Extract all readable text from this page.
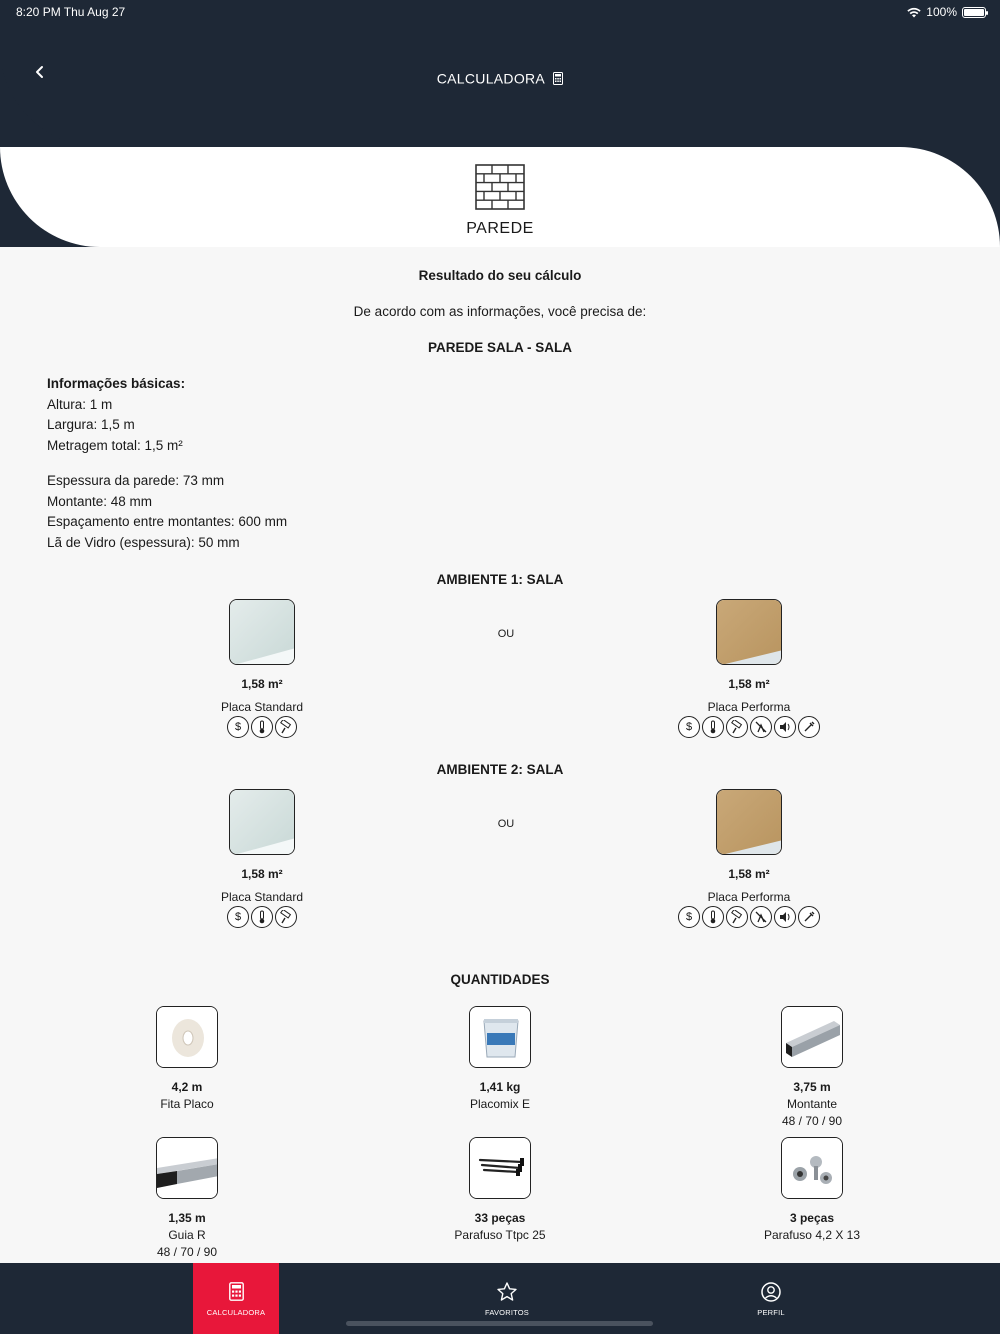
8:20 PM Thu Aug 27	100%
CALCULADORA
PAREDE
Resultado do seu cálculo
De acordo com as informações, você precisa de:
PAREDE SALA - SALA
Informações básicas:
Altura: 1 m
Largura: 1,5 m
Metragem total: 1,5 m²
Espessura da parede: 73 mm
Montante: 48 mm
Espaçamento entre montantes: 600 mm
Lã de Vidro (espessura): 50 mm
AMBIENTE 1: SALA
1,58 m²
Placa Standard
$
OU
1,58 m²
Placa Performa
$
AMBIENTE 2: SALA
1,58 m²
Placa Standard
$
OU
1,58 m²
Placa Performa
$
QUANTIDADES
4,2 m
Fita Placo
1,41 kg
Placomix E
3,75 m
Montante
48 / 70 / 90
1,35 m
Guia R
48 / 70 / 90
33 peças
Parafuso Ttpc 25
3 peças
Parafuso 4,2 X 13
CALCULADORA	FAVORITOS	PERFIL
